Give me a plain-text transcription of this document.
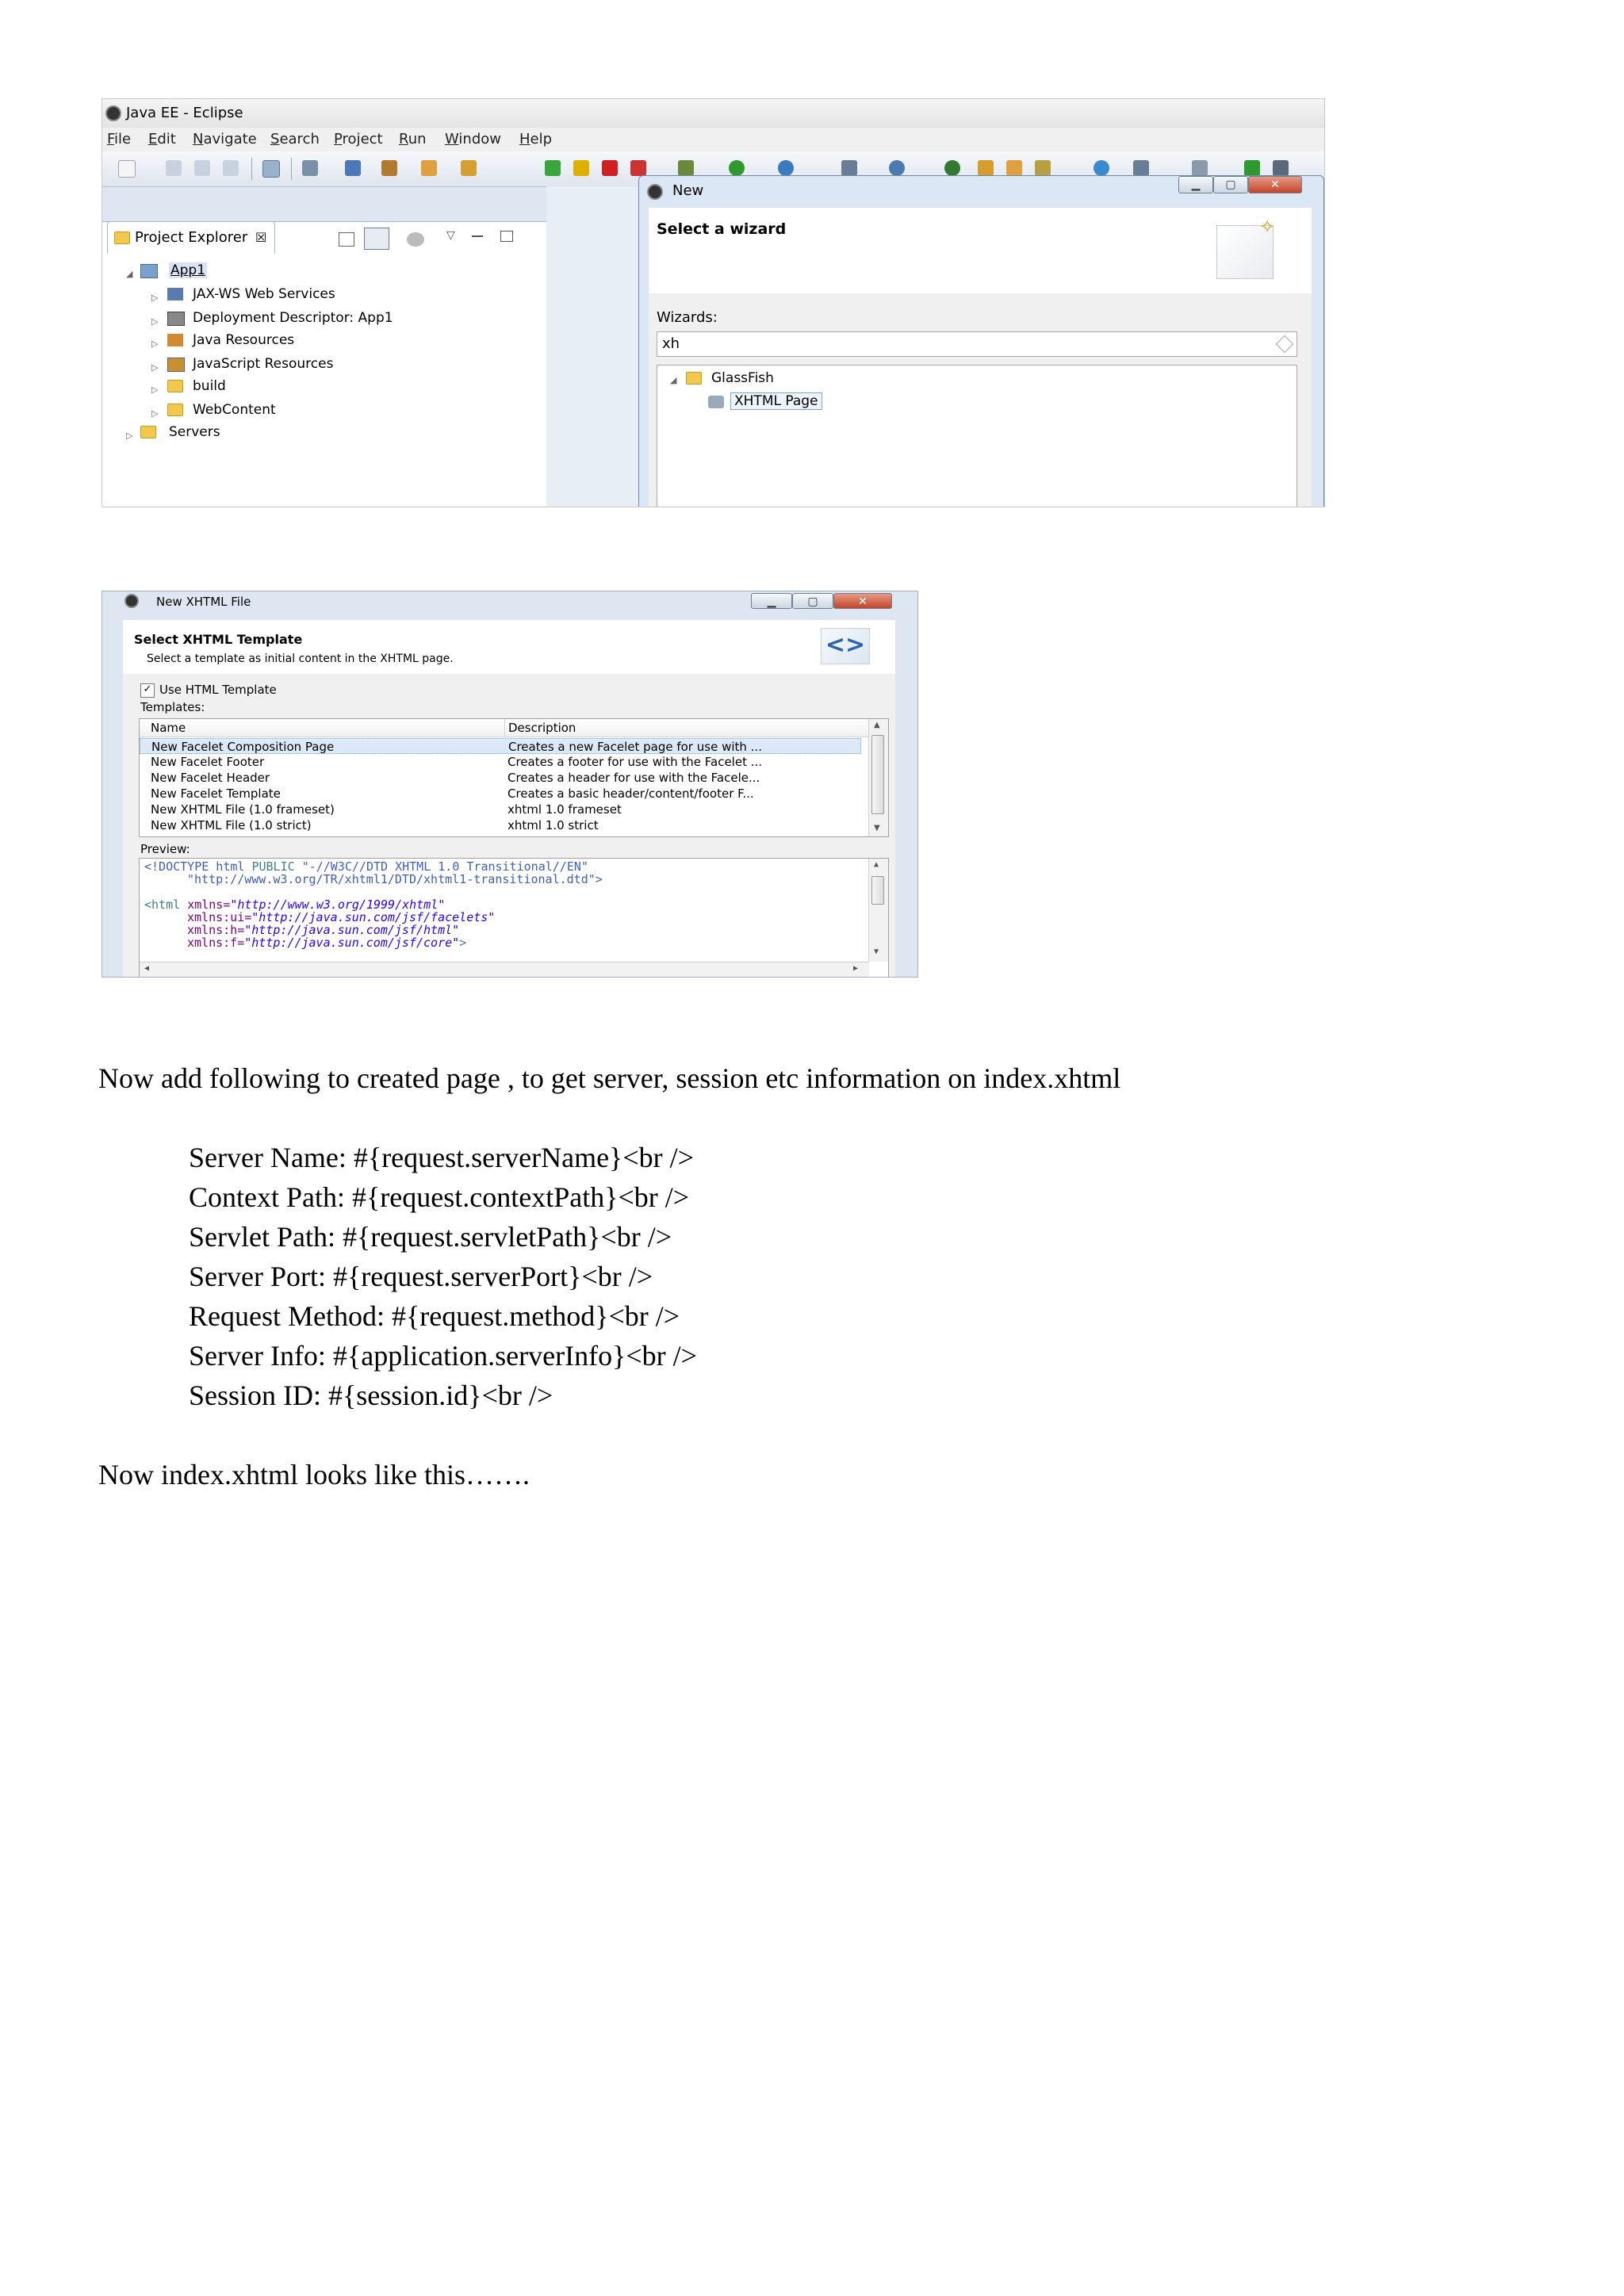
Java EE - Eclipse
File Edit Navigate Search Project Run Window Help
Project Explorer ☒	▽
◢	App1
▷	JAX-WS Web Services
▷	Deployment Descriptor: App1
▷	Java Resources
▷	JavaScript Resources
▷	build
▷	WebContent
▷	Servers
New	▁	▢	✕
Select a wizard	✧
Wizards:
xh
◢	GlassFish
XHTML Page
New XHTML File	▁	▢	✕
Select XHTML Template
Select a template as initial content in the XHTML page.	<>
✓ Use HTML Template
Templates:
Name	Description
New Facelet Composition Page	Creates a new Facelet page for use with ...
New Facelet Footer	Creates a footer for use with the Facelet ...
New Facelet Header	Creates a header for use with the Facele...
New Facelet Template	Creates a basic header/content/footer F...
New XHTML File (1.0 frameset)	xhtml 1.0 frameset
New XHTML File (1.0 strict)	xhtml 1.0 strict
▲
▼
Preview:
<!DOCTYPE html PUBLIC "-//W3C//DTD XHTML 1.0 Transitional//EN"
"http://www.w3.org/TR/xhtml1/DTD/xhtml1-transitional.dtd">
<html xmlns="http://www.w3.org/1999/xhtml"
xmlns:ui="http://java.sun.com/jsf/facelets"
xmlns:h="http://java.sun.com/jsf/html"
xmlns:f="http://java.sun.com/jsf/core">
▲
▼
◀	▶
Now add following to created page , to get server, session etc information on index.xhtml
Server Name: #{request.serverName}<br />
Context Path: #{request.contextPath}<br />
Servlet Path: #{request.servletPath}<br />
Server Port: #{request.serverPort}<br />
Request Method: #{request.method}<br />
Server Info: #{application.serverInfo}<br />
Session ID: #{session.id}<br />
Now index.xhtml looks like this…….
